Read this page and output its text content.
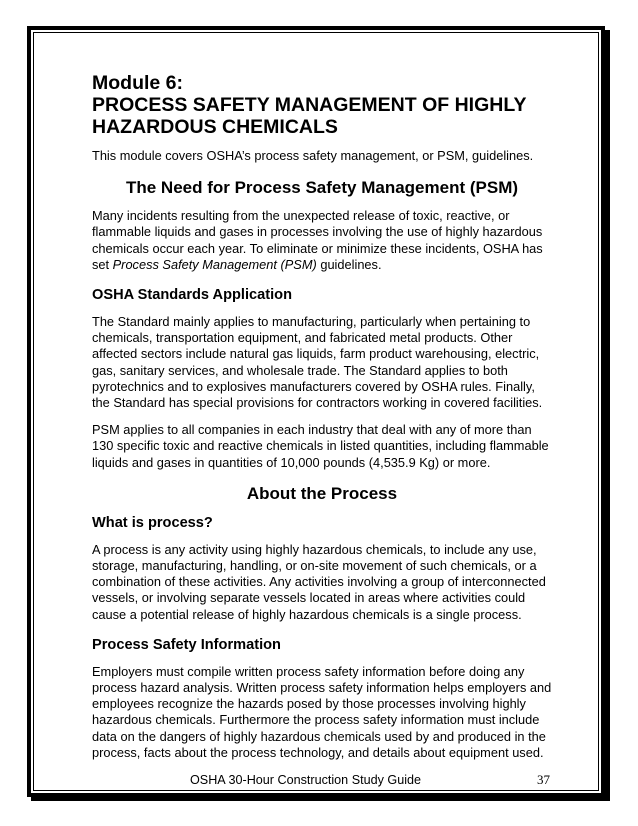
Module 6:
PROCESS SAFETY MANAGEMENT OF HIGHLY
HAZARDOUS CHEMICALS

This module covers OSHA’s process safety management, or PSM, guidelines.

The Need for Process Safety Management (PSM)

Many incidents resulting from the unexpected release of toxic, reactive, or flammable liquids and gases in processes involving the use of highly hazardous chemicals occur each year. To eliminate or minimize these incidents, OSHA has set Process Safety Management (PSM) guidelines.

OSHA Standards Application

The Standard mainly applies to manufacturing, particularly when pertaining to chemicals, transportation equipment, and fabricated metal products. Other affected sectors include natural gas liquids, farm product warehousing, electric, gas, sanitary services, and wholesale trade. The Standard applies to both pyrotechnics and to explosives manufacturers covered by OSHA rules. Finally, the Standard has special provisions for contractors working in covered facilities.

PSM applies to all companies in each industry that deal with any of more than 130 specific toxic and reactive chemicals in listed quantities, including flammable liquids and gases in quantities of 10,000 pounds (4,535.9 Kg) or more.

About the Process
What is process?

A process is any activity using highly hazardous chemicals, to include any use, storage, manufacturing, handling, or on-site movement of such chemicals, or a combination of these activities. Any activities involving a group of interconnected vessels, or involving separate vessels located in areas where activities could cause a potential release of highly hazardous chemicals is a single process.

Process Safety Information

Employers must compile written process safety information before doing any process hazard analysis. Written process safety information helps employers and employees recognize the hazards posed by those processes involving highly hazardous chemicals. Furthermore the process safety information must include data on the dangers of highly hazardous chemicals used by and produced in the process, facts about the process technology, and details about equipment used.

OSHA 30-Hour Construction Study Guide	37
